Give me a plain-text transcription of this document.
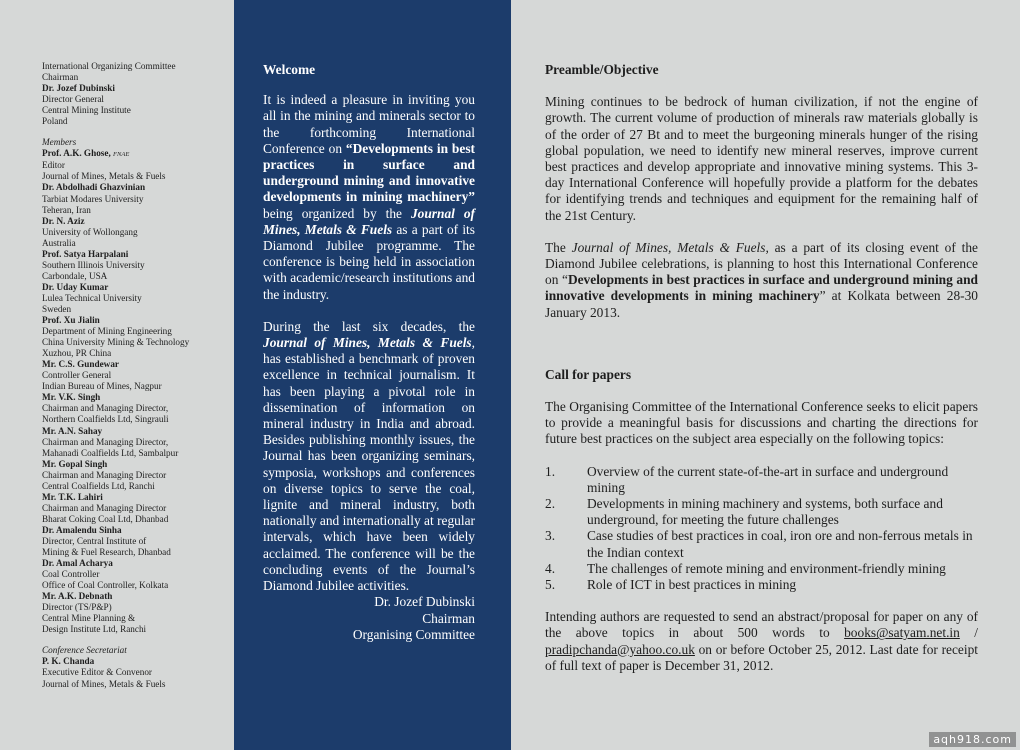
International Organizing Committee
Chairman
Dr. Jozef Dubinski
Director General
Central Mining Institute
Poland
Members
Prof. A.K. Ghose, FNAE
Editor
Journal of Mines, Metals & Fuels
Dr. Abdolhadi Ghazvinian
Tarbiat Modares University
Teheran, Iran
Dr. N. Aziz
University of Wollongang
Australia
Prof. Satya Harpalani
Southern Illinois University
Carbondale, USA
Dr. Uday Kumar
Lulea Technical University
Sweden
Prof. Xu Jialin
Department of Mining Engineering
China University Mining & Technology
Xuzhou, PR China
Mr. C.S. Gundewar
Controller General
Indian Bureau of Mines, Nagpur
Mr. V.K. Singh
Chairman and Managing Director,
Northern Coalfields Ltd, Singrauli
Mr. A.N. Sahay
Chairman and Managing Director,
Mahanadi Coalfields Ltd, Sambalpur
Mr. Gopal Singh
Chairman and Managing Director
Central Coalfields Ltd, Ranchi
Mr. T.K. Lahiri
Chairman and Managing Director
Bharat Coking Coal Ltd, Dhanbad
Dr. Amalendu Sinha
Director, Central Institute of
Mining & Fuel Research, Dhanbad
Dr. Amal Acharya
Coal Controller
Office of Coal Controller, Kolkata
Mr. A.K. Debnath
Director (TS/P&P)
Central Mine Planning &
Design Institute Ltd, Ranchi
Conference Secretariat
P. K. Chanda
Executive Editor & Convenor
Journal of Mines, Metals & Fuels
Welcome

It is indeed a pleasure in inviting you all in the mining and minerals sector to the forthcoming International Conference on “Developments in best practices in surface and underground mining and innovative developments in mining machinery” being organized by the Journal of Mines, Metals & Fuels as a part of its Diamond Jubilee programme. The conference is being held in association with academic/research institutions and the industry.

During the last six decades, the Journal of Mines, Metals & Fuels, has established a benchmark of proven excellence in technical journalism. It has been playing a pivotal role in dissemination of information on mineral industry in India and abroad. Besides publishing monthly issues, the Journal has been organizing seminars, symposia, workshops and conferences on diverse topics to serve the coal, lignite and mineral industry, both nationally and internationally at regular intervals, which have been widely acclaimed. The conference will be the concluding events of the Journal’s Diamond Jubilee activities.

Dr. Jozef Dubinski
Chairman
Organising Committee
Preamble/Objective

Mining continues to be bedrock of human civilization, if not the engine of growth. The current volume of production of minerals raw materials globally is of the order of 27 Bt and to meet the burgeoning minerals hunger of the rising global population, we need to identify new mineral reserves, improve current best practices and develop appropriate and innovative mining systems. This 3-day International Conference will hopefully provide a platform for the debates for identifying trends and techniques and equipment for the remaining half of the 21st Century.

The Journal of Mines, Metals & Fuels, as a part of its closing event of the Diamond Jubilee celebrations, is planning to host this International Conference on “Developments in best practices in surface and underground mining and innovative developments in mining machinery” at Kolkata between 28-30 January 2013.

Call for papers

The Organising Committee of the International Conference seeks to elicit papers to provide a meaningful basis for discussions and charting the directions for future best practices on the subject area especially on the following topics:

1. Overview of the current state-of-the-art in surface and underground mining
2. Developments in mining machinery and systems, both surface and underground, for meeting the future challenges
3. Case studies of best practices in coal, iron ore and non-ferrous metals in the Indian context
4. The challenges of remote mining and environment-friendly mining
5. Role of ICT in best practices in mining

Intending authors are requested to send an abstract/proposal for paper on any of the above topics in about 500 words to books@satyam.net.in / pradipchanda@yahoo.co.uk on or before October 25, 2012. Last date for receipt of full text of paper is December 31, 2012.

aqh918.com
